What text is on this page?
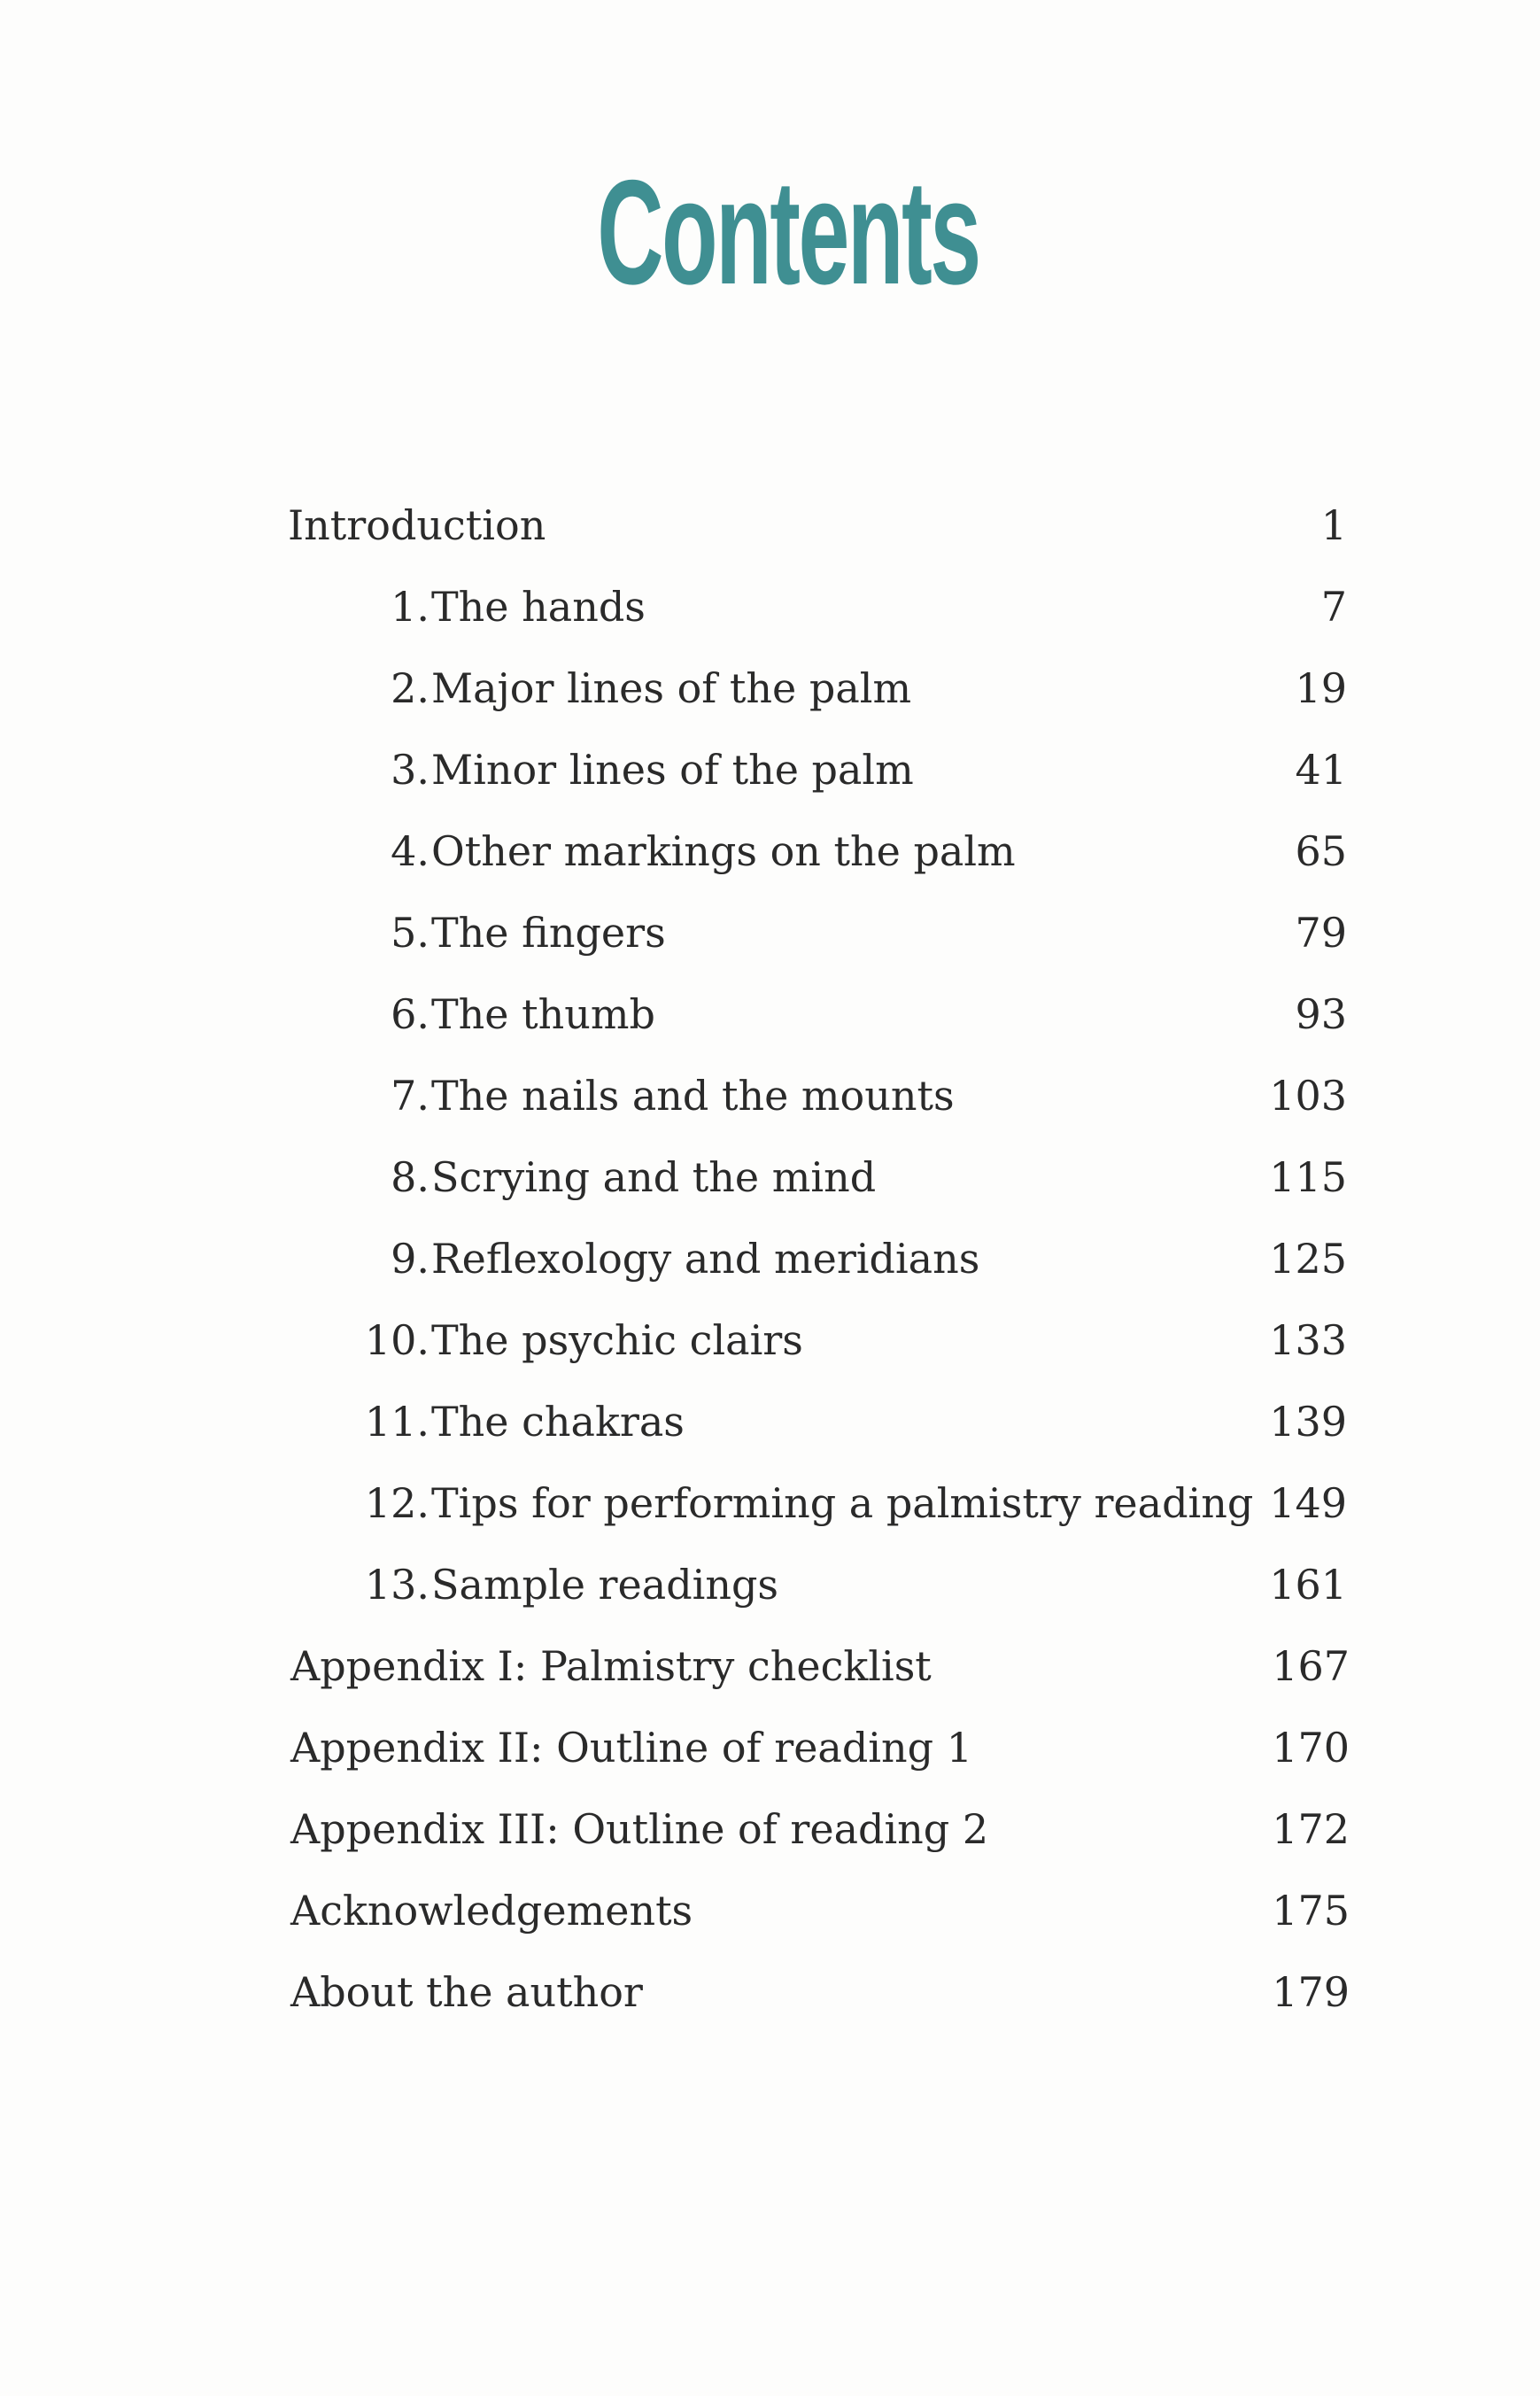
Contents
Introduction	1
1. The hands	7
2. Major lines of the palm	19
3. Minor lines of the palm	41
4. Other markings on the palm	65
5. The fingers	79
6. The thumb	93
7. The nails and the mounts	103
8. Scrying and the mind	115
9. Reflexology and meridians	125
10. The psychic clairs	133
11. The chakras	139
12. Tips for performing a palmistry reading 149
13. Sample readings	161
Appendix I: Palmistry checklist	167
Appendix II: Outline of reading 1	170
Appendix III: Outline of reading 2	172
Acknowledgements	175
About the author	179
